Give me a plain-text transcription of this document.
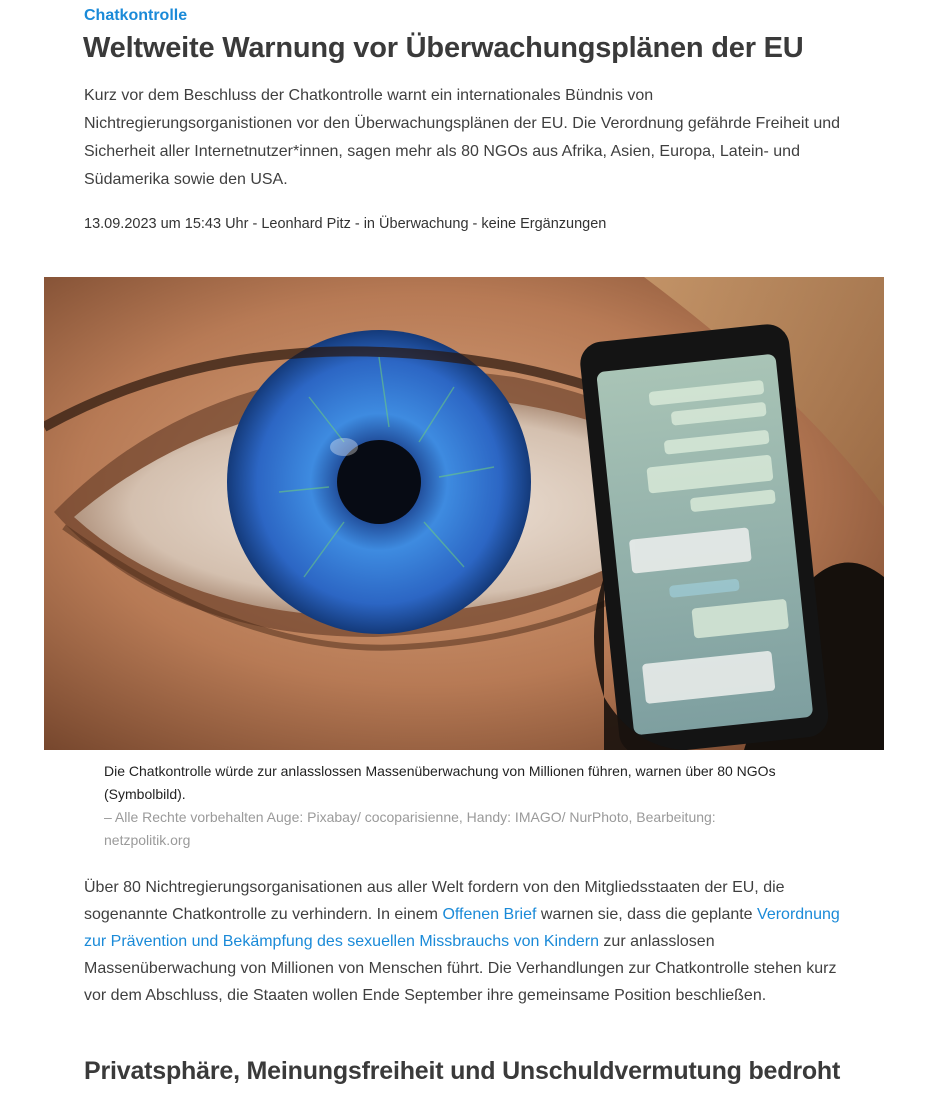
Chatkontrolle
Weltweite Warnung vor Überwachungsplänen der EU

Kurz vor dem Beschluss der Chatkontrolle warnt ein internationales Bündnis von Nichtregierungsorganistionen vor den Überwachungsplänen der EU. Die Verordnung gefährde Freiheit und Sicherheit aller Internetnutzer*innen, sagen mehr als 80 NGOs aus Afrika, Asien, Europa, Latein- und Südamerika sowie den USA.

13.09.2023 um 15:43 Uhr - Leonhard Pitz - in Überwachung - keine Ergänzungen
Die Chatkontrolle würde zur anlasslossen Massenüberwachung von Millionen führen, warnen über 80 NGOs (Symbolbild).
– Alle Rechte vorbehalten Auge: Pixabay/ cocoparisienne, Handy: IMAGO/ NurPhoto, Bearbeitung: netzpolitik.org

Über 80 Nichtregierungsorganisationen aus aller Welt fordern von den Mitgliedsstaaten der EU, die sogenannte Chatkontrolle zu verhindern. In einem Offenen Brief warnen sie, dass die geplante Verordnung zur Prävention und Bekämpfung des sexuellen Missbrauchs von Kindern zur anlasslosen Massenüberwachung von Millionen von Menschen führt. Die Verhandlungen zur Chatkontrolle stehen kurz vor dem Abschluss, die Staaten wollen Ende September ihre gemeinsame Position beschließen.

Privatsphäre, Meinungsfreiheit und Unschuldvermutung bedroht
